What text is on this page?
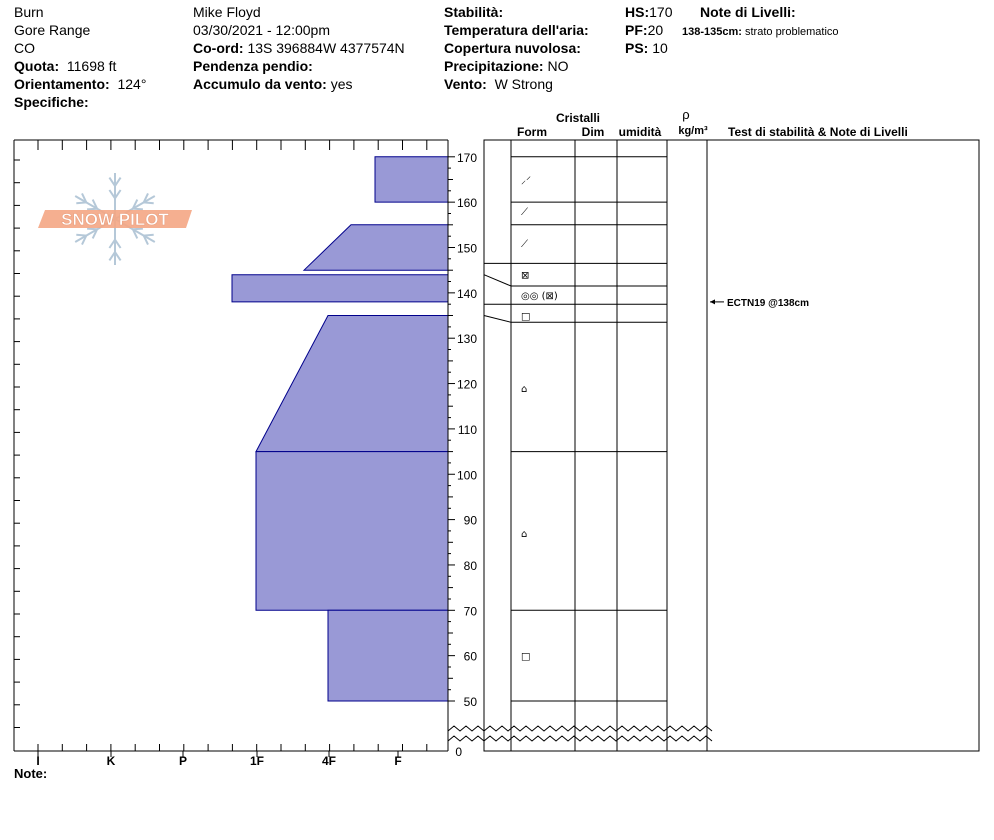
Burn
Gore Range
CO
Quota: 11698 ft
Orientamento: 124°
Specifiche:
Mike Floyd
03/30/2021 - 12:00pm
Co-ord: 13S 396884W 4377574N
Pendenza pendio:
Accumulo da vento: yes
Stabilità:
Temperatura dell'aria:
Copertura nuvolosa:
Precipitazione: NO
Vento: W Strong
HS:170
PF:20
PS: 10
Note di Livelli:
138-135cm: strato problematico
SNOW PILOT
I	K	P	1F	4F	F
50
60
70
80
90
100
110
120
130
140
150
160
170
0
Cristalli
Form	Dim umidità
ρ
kg/m³ Test di stabilità & Note di Livelli
⸝⸍
⟋
⟋
⊠
◎◎ (⊠)
□
⌂
⌂
□
ECTN19 @138cm
Note:
